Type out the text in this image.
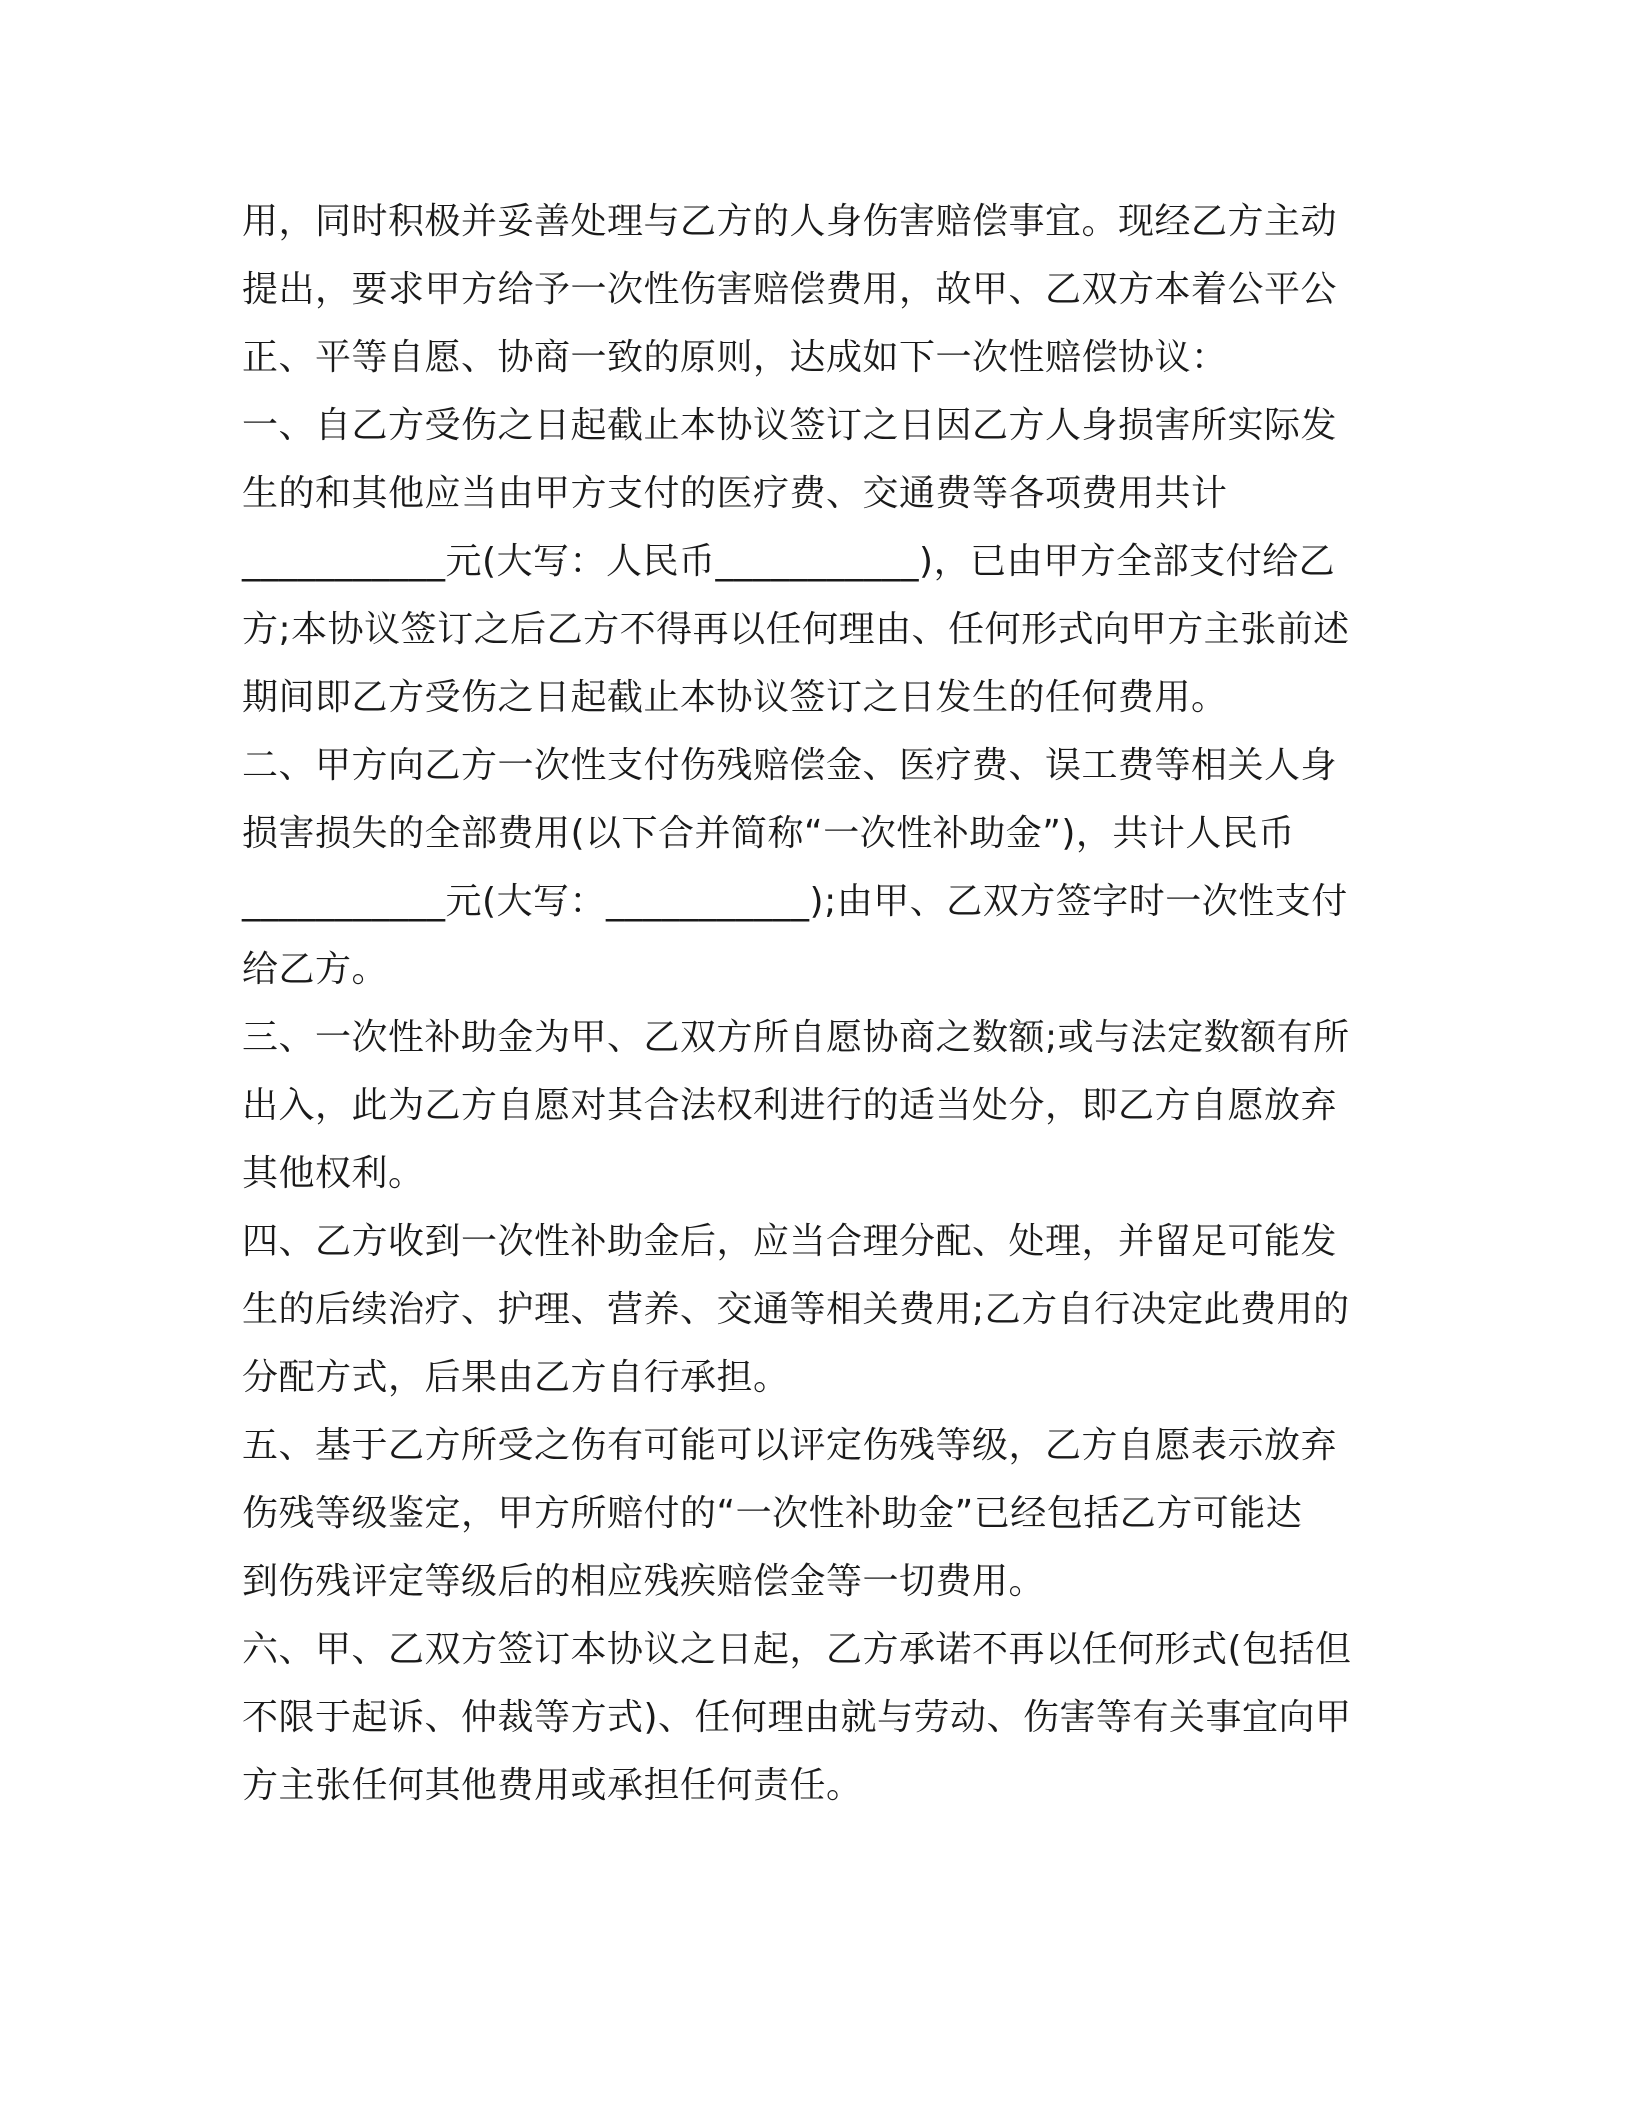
用，同时积极并妥善处理与乙方的人身伤害赔偿事宜。现经乙方主动
提出，要求甲方给予一次性伤害赔偿费用，故甲、乙双方本着公平公
正、平等自愿、协商一致的原则，达成如下一次性赔偿协议：
一、自乙方受伤之日起截止本协议签订之日因乙方人身损害所实际发
生的和其他应当由甲方支付的医疗费、交通费等各项费用共计
___________元(大写：人民币___________)，已由甲方全部支付给乙
方;本协议签订之后乙方不得再以任何理由、任何形式向甲方主张前述
期间即乙方受伤之日起截止本协议签订之日发生的任何费用。
二、甲方向乙方一次性支付伤残赔偿金、医疗费、误工费等相关人身
损害损失的全部费用(以下合并简称“一次性补助金”)，共计人民币
___________元(大写：___________);由甲、乙双方签字时一次性支付
给乙方。
三、一次性补助金为甲、乙双方所自愿协商之数额;或与法定数额有所
出入，此为乙方自愿对其合法权利进行的适当处分，即乙方自愿放弃
其他权利。
四、乙方收到一次性补助金后，应当合理分配、处理，并留足可能发
生的后续治疗、护理、营养、交通等相关费用;乙方自行决定此费用的
分配方式，后果由乙方自行承担。
五、基于乙方所受之伤有可能可以评定伤残等级，乙方自愿表示放弃
伤残等级鉴定，甲方所赔付的“一次性补助金”已经包括乙方可能达
到伤残评定等级后的相应残疾赔偿金等一切费用。
六、甲、乙双方签订本协议之日起，乙方承诺不再以任何形式(包括但
不限于起诉、仲裁等方式)、任何理由就与劳动、伤害等有关事宜向甲
方主张任何其他费用或承担任何责任。
